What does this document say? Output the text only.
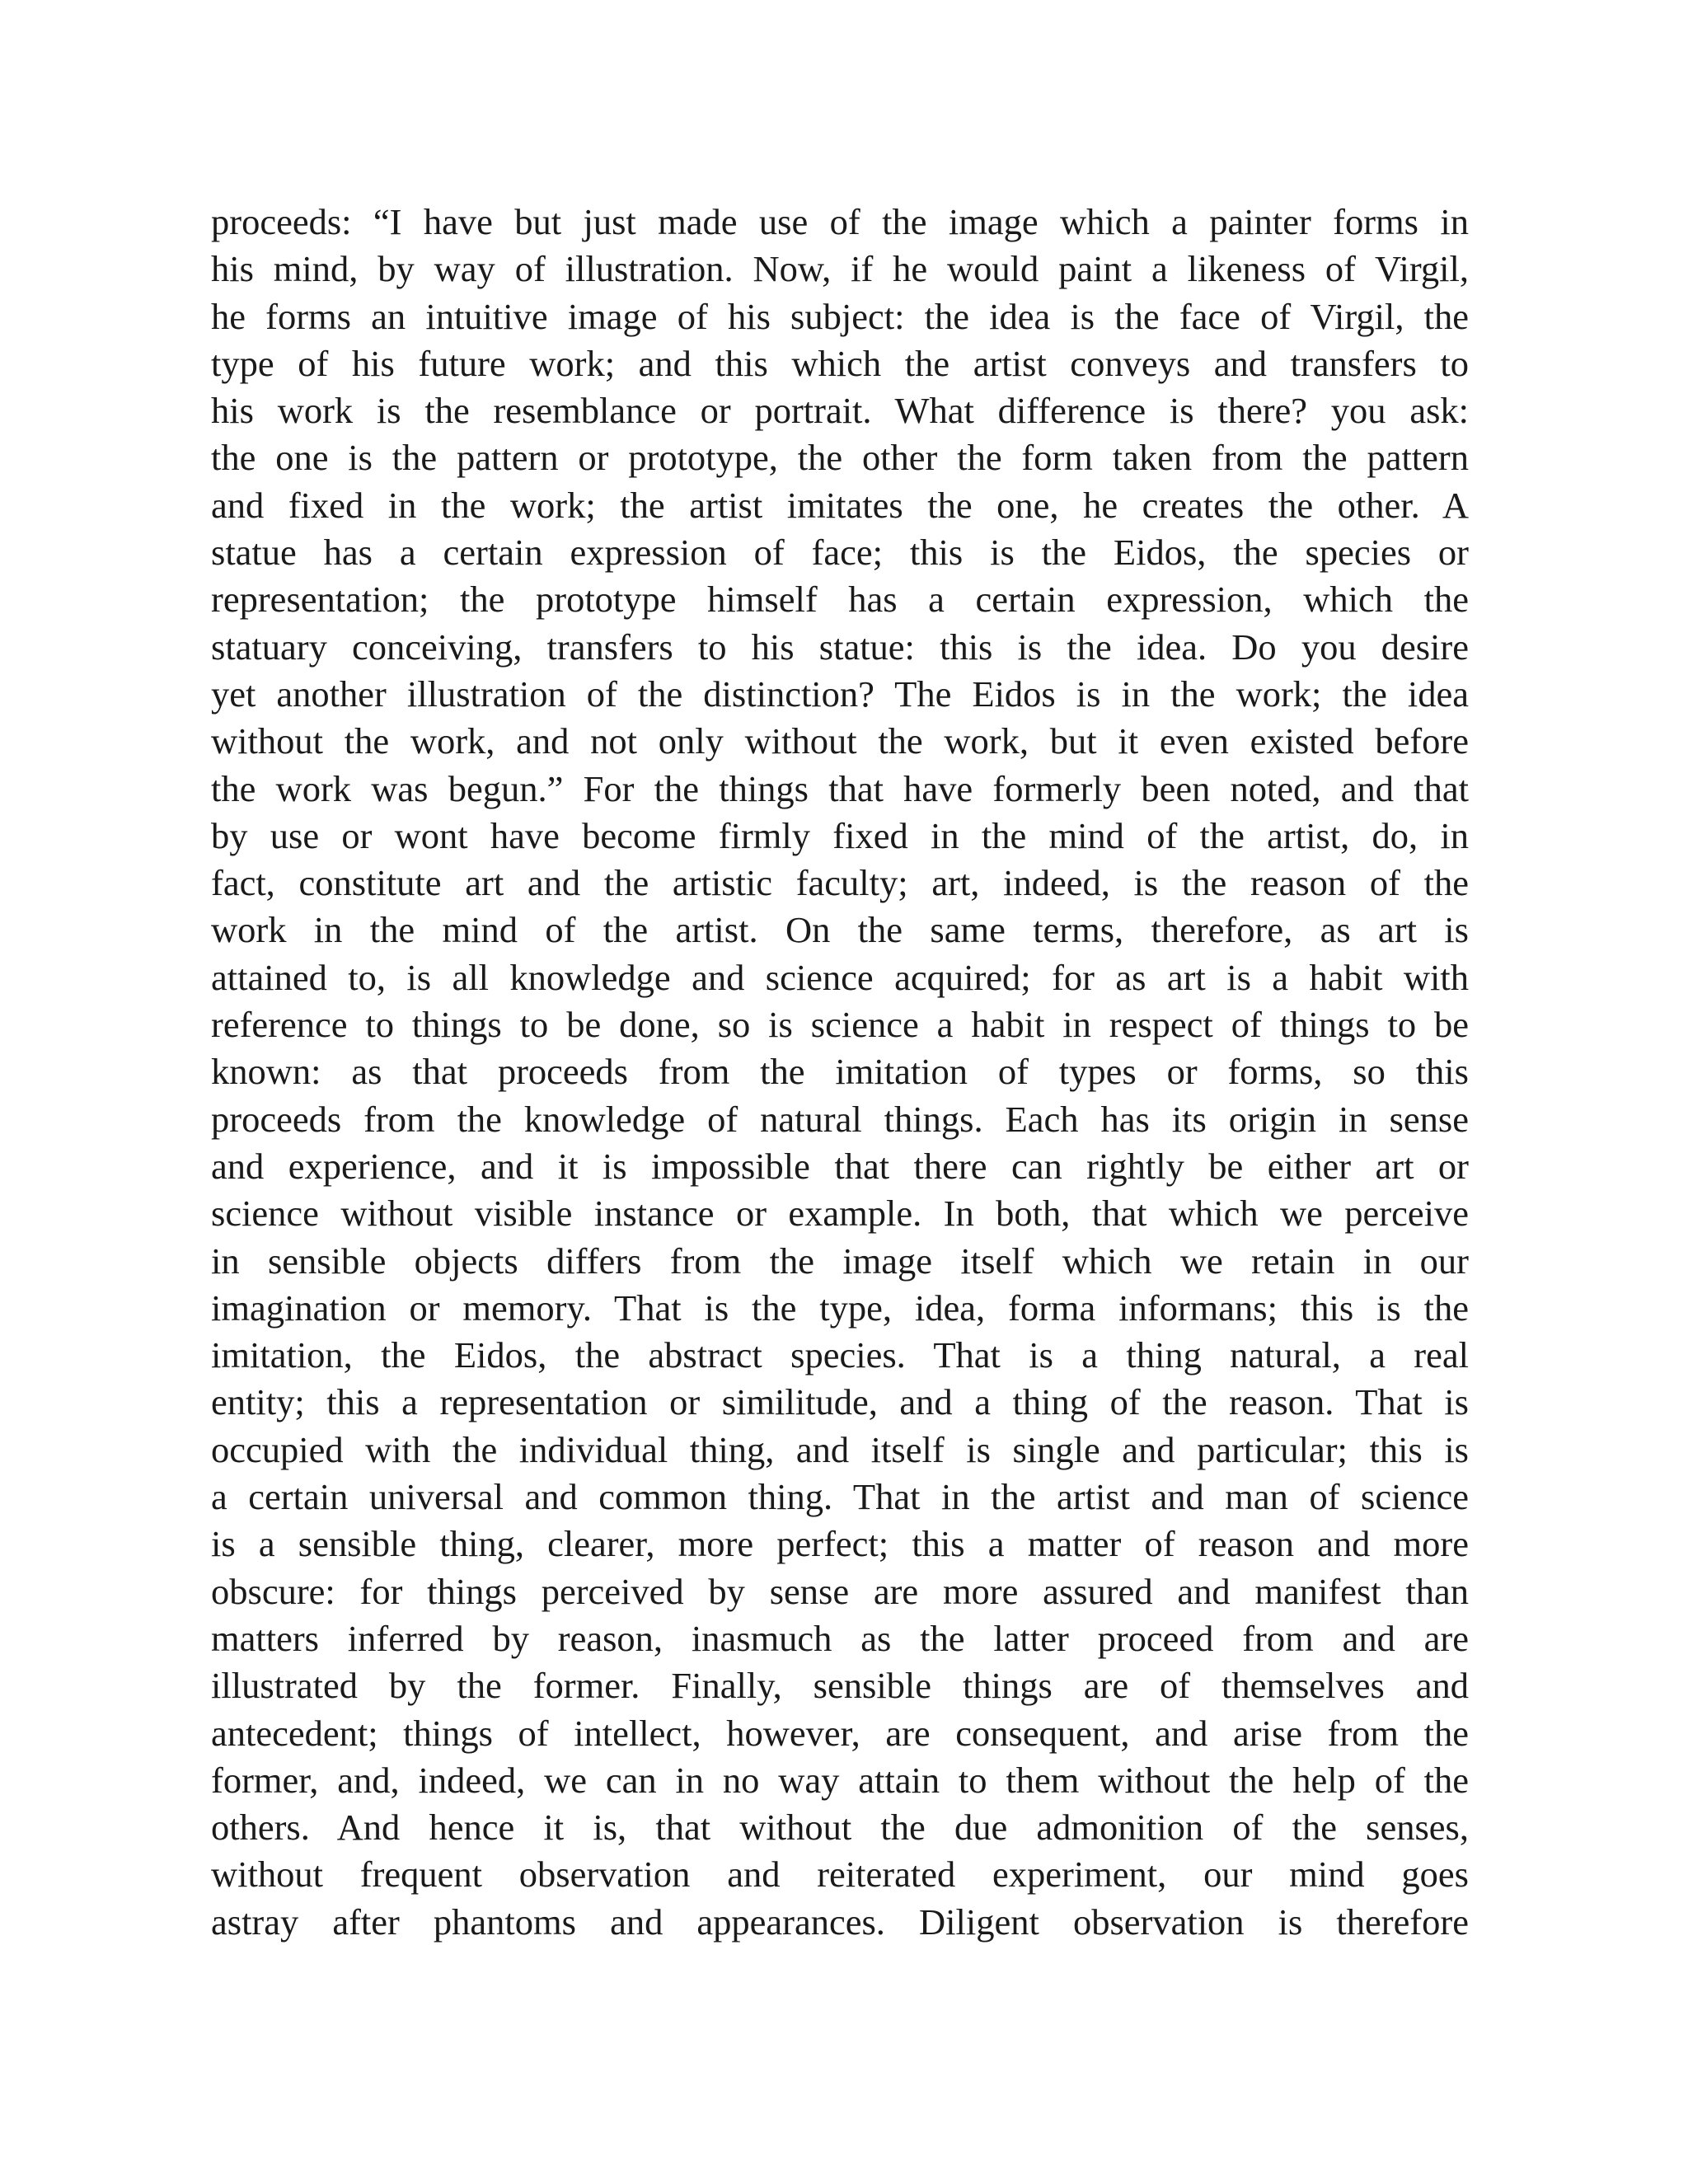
proceeds: “I have but just made use of the image which a painter forms in
his mind, by way of illustration. Now, if he would paint a likeness of Virgil,
he forms an intuitive image of his subject: the idea is the face of Virgil, the
type of his future work; and this which the artist conveys and transfers to
his work is the resemblance or portrait. What difference is there? you ask:
the one is the pattern or prototype, the other the form taken from the pattern
and fixed in the work; the artist imitates the one, he creates the other. A
statue has a certain expression of face; this is the Eidos, the species or
representation; the prototype himself has a certain expression, which the
statuary conceiving, transfers to his statue: this is the idea. Do you desire
yet another illustration of the distinction? The Eidos is in the work; the idea
without the work, and not only without the work, but it even existed before
the work was begun.” For the things that have formerly been noted, and that
by use or wont have become firmly fixed in the mind of the artist, do, in
fact, constitute art and the artistic faculty; art, indeed, is the reason of the
work in the mind of the artist. On the same terms, therefore, as art is
attained to, is all knowledge and science acquired; for as art is a habit with
reference to things to be done, so is science a habit in respect of things to be
known: as that proceeds from the imitation of types or forms, so this
proceeds from the knowledge of natural things. Each has its origin in sense
and experience, and it is impossible that there can rightly be either art or
science without visible instance or example. In both, that which we perceive
in sensible objects differs from the image itself which we retain in our
imagination or memory. That is the type, idea, forma informans; this is the
imitation, the Eidos, the abstract species. That is a thing natural, a real
entity; this a representation or similitude, and a thing of the reason. That is
occupied with the individual thing, and itself is single and particular; this is
a certain universal and common thing. That in the artist and man of science
is a sensible thing, clearer, more perfect; this a matter of reason and more
obscure: for things perceived by sense are more assured and manifest than
matters inferred by reason, inasmuch as the latter proceed from and are
illustrated by the former. Finally, sensible things are of themselves and
antecedent; things of intellect, however, are consequent, and arise from the
former, and, indeed, we can in no way attain to them without the help of the
others. And hence it is, that without the due admonition of the senses,
without frequent observation and reiterated experiment, our mind goes
astray after phantoms and appearances. Diligent observation is therefore
